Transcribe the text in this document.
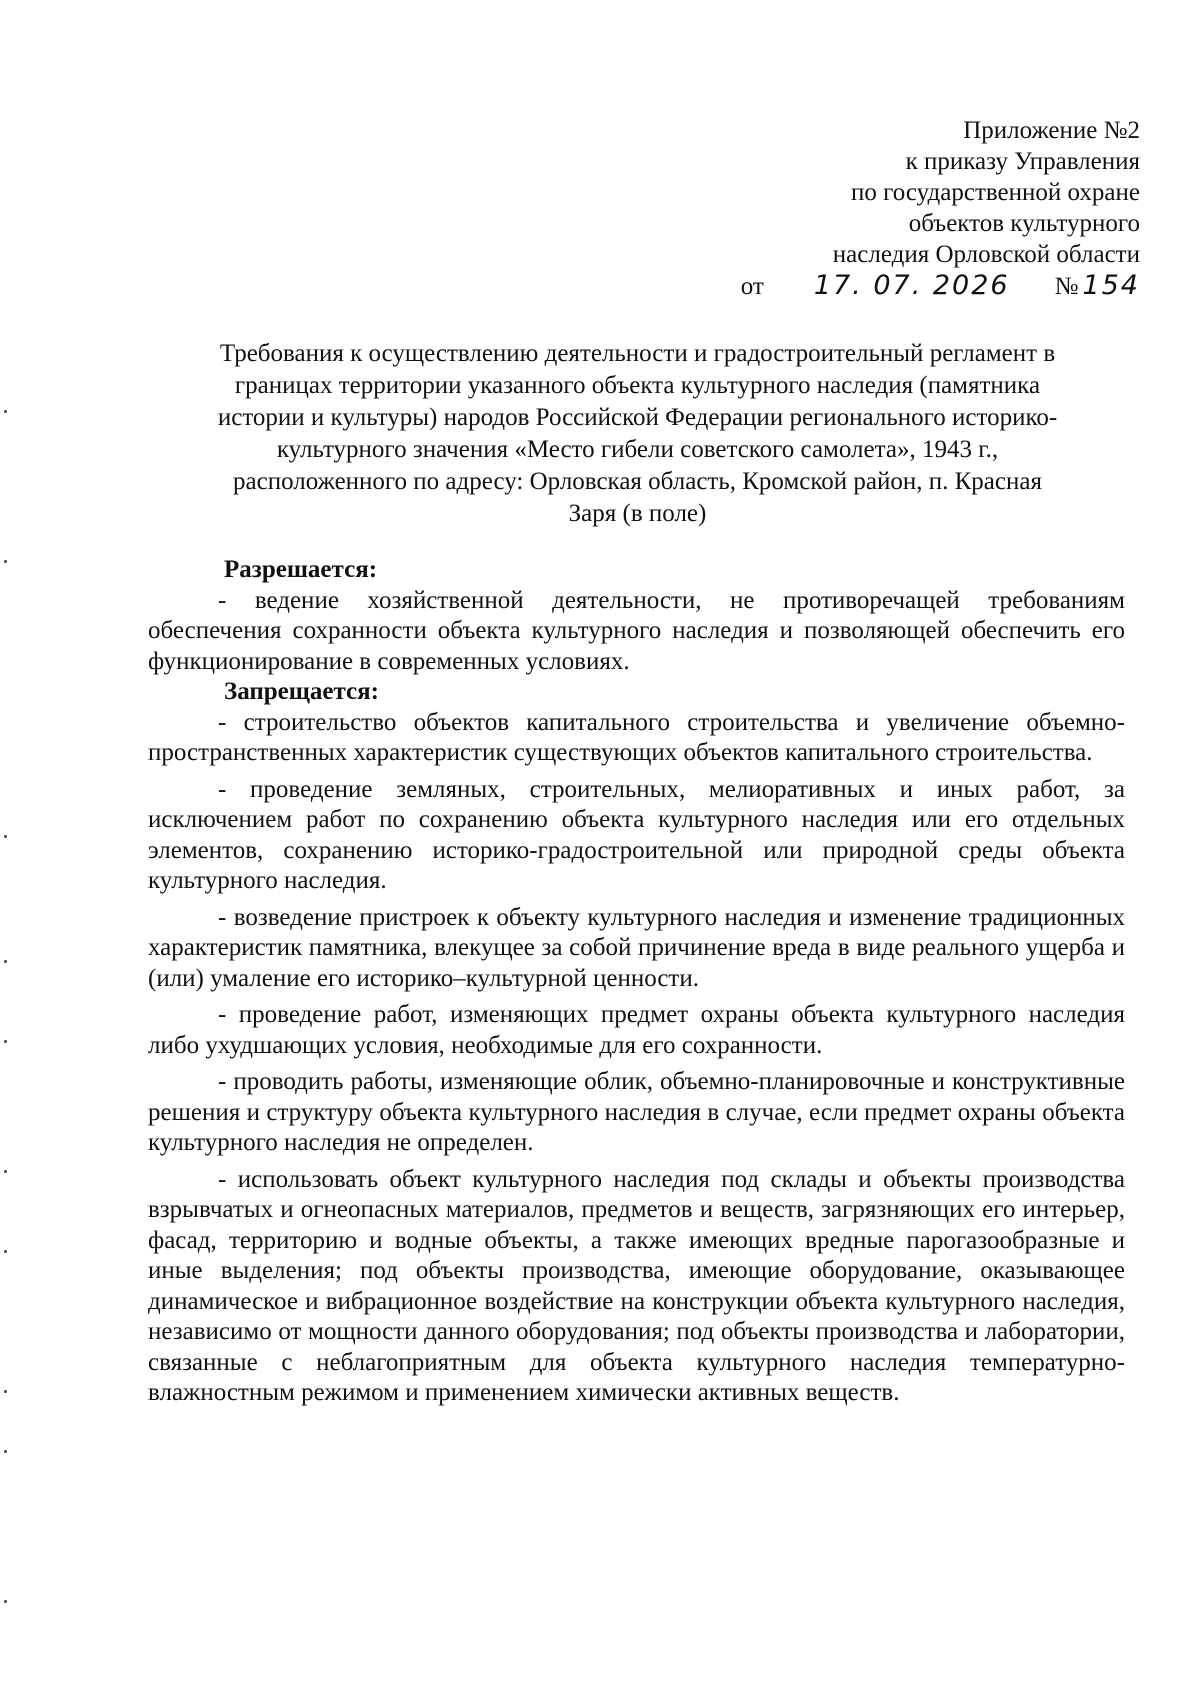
Приложение №2
к приказу Управления
по государственной охране
объектов культурного
наследия Орловской области
от 17. 07. 2026 № 154
Требования к осуществлению деятельности и градостроительный регламент в
границах территории указанного объекта культурного наследия (памятника
истории и культуры) народов Российской Федерации регионального историко-
культурного значения «Место гибели советского самолета», 1943 г.,
расположенного по адресу: Орловская область, Кромской район, п. Красная
Заря (в поле)

Разрешается:

- ведение хозяйственной деятельности, не противоречащей требованиям обеспечения сохранности объекта культурного наследия и позволяющей обеспечить его функционирование в современных условиях.

Запрещается:

- строительство объектов капитального строительства и увеличение объемно-пространственных характеристик существующих объектов капитального строительства.

- проведение земляных, строительных, мелиоративных и иных работ, за исключением работ по сохранению объекта культурного наследия или его отдельных элементов, сохранению историко-градостроительной или природной среды объекта культурного наследия.

- возведение пристроек к объекту культурного наследия и изменение традиционных характеристик памятника, влекущее за собой причинение вреда в виде реального ущерба и (или) умаление его историко–культурной ценности.

- проведение работ, изменяющих предмет охраны объекта культурного наследия либо ухудшающих условия, необходимые для его сохранности.

- проводить работы, изменяющие облик, объемно-планировочные и конструктивные решения и структуру объекта культурного наследия в случае, если предмет охраны объекта культурного наследия не определен.

- использовать объект культурного наследия под склады и объекты производства взрывчатых и огнеопасных материалов, предметов и веществ, загрязняющих его интерьер, фасад, территорию и водные объекты, а также имеющих вредные парогазообразные и иные выделения; под объекты производства, имеющие оборудование, оказывающее динамическое и вибрационное воздействие на конструкции объекта культурного наследия, независимо от мощности данного оборудования; под объекты производства и лаборатории, связанные с неблагоприятным для объекта культурного наследия температурно-влажностным режимом и применением химически активных веществ.
